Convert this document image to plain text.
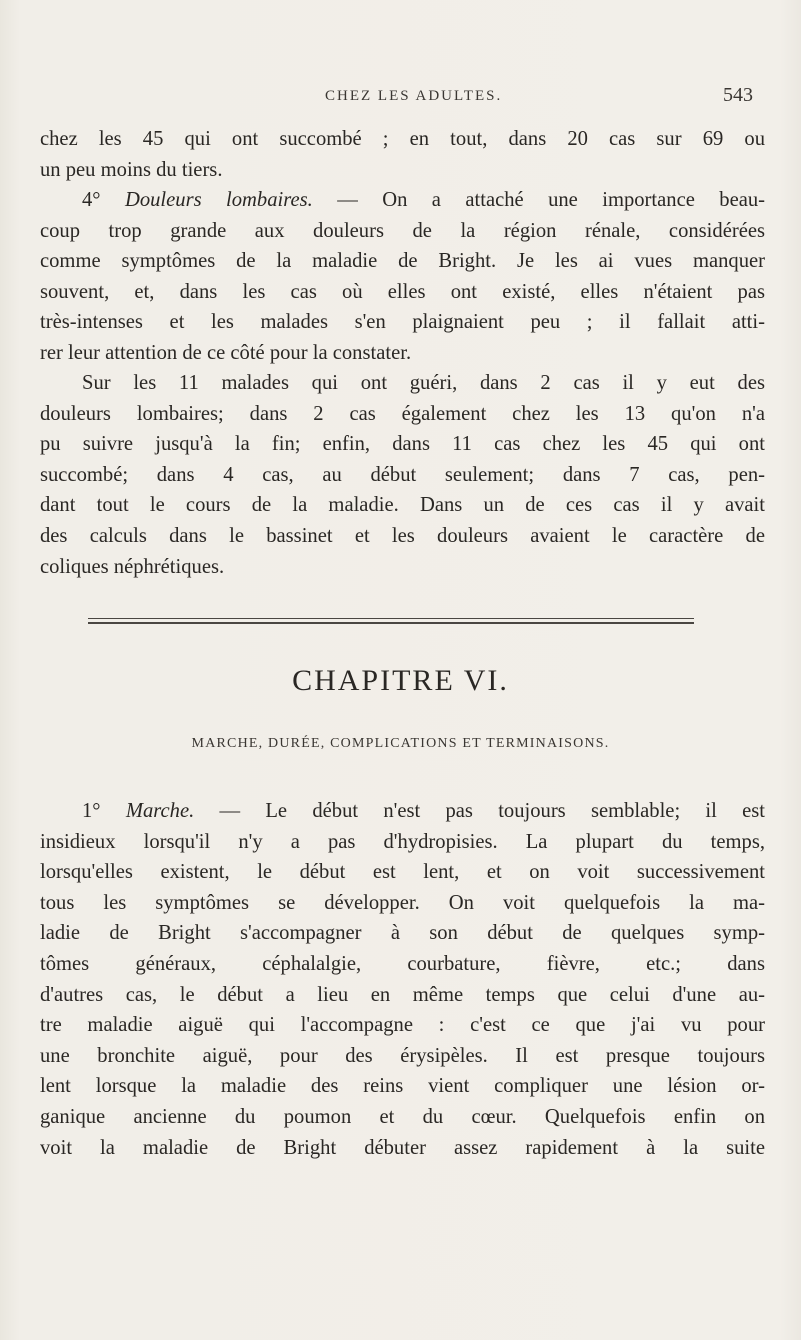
CHEZ LES ADULTES.	543
chez les 45 qui ont succombé ; en tout, dans 20 cas sur 69 ou
un peu moins du tiers.
4° Douleurs lombaires. — On a attaché une importance beau-
coup trop grande aux douleurs de la région rénale, considérées
comme symptômes de la maladie de Bright. Je les ai vues manquer
souvent, et, dans les cas où elles ont existé, elles n'étaient pas
très-intenses et les malades s'en plaignaient peu ; il fallait atti-
rer leur attention de ce côté pour la constater.
Sur les 11 malades qui ont guéri, dans 2 cas il y eut des
douleurs lombaires; dans 2 cas également chez les 13 qu'on n'a
pu suivre jusqu'à la fin; enfin, dans 11 cas chez les 45 qui ont
succombé; dans 4 cas, au début seulement; dans 7 cas, pen-
dant tout le cours de la maladie. Dans un de ces cas il y avait
des calculs dans le bassinet et les douleurs avaient le caractère de
coliques néphrétiques.
CHAPITRE VI.
MARCHE, DURÉE, COMPLICATIONS ET TERMINAISONS.
1° Marche. — Le début n'est pas toujours semblable; il est
insidieux lorsqu'il n'y a pas d'hydropisies. La plupart du temps,
lorsqu'elles existent, le début est lent, et on voit successivement
tous les symptômes se développer. On voit quelquefois la ma-
ladie de Bright s'accompagner à son début de quelques symp-
tômes généraux, céphalalgie, courbature, fièvre, etc.; dans
d'autres cas, le début a lieu en même temps que celui d'une au-
tre maladie aiguë qui l'accompagne : c'est ce que j'ai vu pour
une bronchite aiguë, pour des érysipèles. Il est presque toujours
lent lorsque la maladie des reins vient compliquer une lésion or-
ganique ancienne du poumon et du cœur. Quelquefois enfin on
voit la maladie de Bright débuter assez rapidement à la suite
